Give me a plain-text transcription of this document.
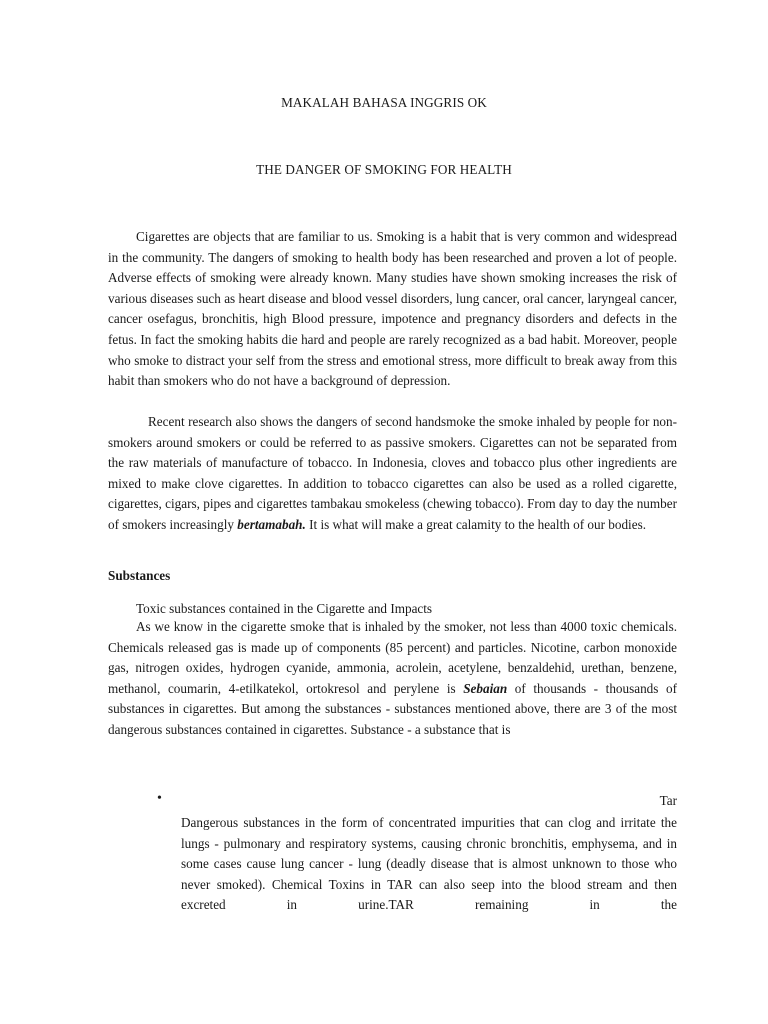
MAKALAH BAHASA INGGRIS OK
THE DANGER OF SMOKING FOR HEALTH
Cigarettes are objects that are familiar to us. Smoking is a habit that is very common and widespread in the community. The dangers of smoking to health body has been researched and proven a lot of people. Adverse effects of smoking were already known. Many studies have shown smoking increases the risk of various diseases such as heart disease and blood vessel disorders, lung cancer, oral cancer, laryngeal cancer, cancer osefagus, bronchitis, high Blood pressure, impotence and pregnancy disorders and defects in the fetus. In fact the smoking habits die hard and people are rarely recognized as a bad habit. Moreover, people who smoke to distract your self from the stress and emotional stress, more difficult to break away from this habit than smokers who do not have a background of depression.
Recent research also shows the dangers of second handsmoke the smoke inhaled by people for non-smokers around smokers or could be referred to as passive smokers. Cigarettes can not be separated from the raw materials of manufacture of tobacco. In Indonesia, cloves and tobacco plus other ingredients are mixed to make clove cigarettes. In addition to tobacco cigarettes can also be used as a rolled cigarette, cigarettes, cigars, pipes and cigarettes tambakau smokeless (chewing tobacco). From day to day the number of smokers increasingly bertamabah. It is what will make a great calamity to the health of our bodies.
Substances
Toxic substances contained in the Cigarette and Impacts
As we know in the cigarette smoke that is inhaled by the smoker, not less than 4000 toxic chemicals. Chemicals released gas is made up of components (85 percent) and particles. Nicotine, carbon monoxide gas, nitrogen oxides, hydrogen cyanide, ammonia, acrolein, acetylene, benzaldehid, urethan, benzene, methanol, coumarin, 4-etilkatekol, ortokresol and perylene is Sebaian of thousands - thousands of substances in cigarettes. But among the substances - substances mentioned above, there are 3 of the most dangerous substances contained in cigarettes. Substance - a substance that is
•	Tar
Dangerous substances in the form of concentrated impurities that can clog and irritate the lungs - pulmonary and respiratory systems, causing chronic bronchitis, emphysema, and in some cases cause lung cancer - lung (deadly disease that is almost unknown to those who never smoked). Chemical Toxins in TAR can also seep into the blood stream and then excreted in urine.TAR remaining in the
